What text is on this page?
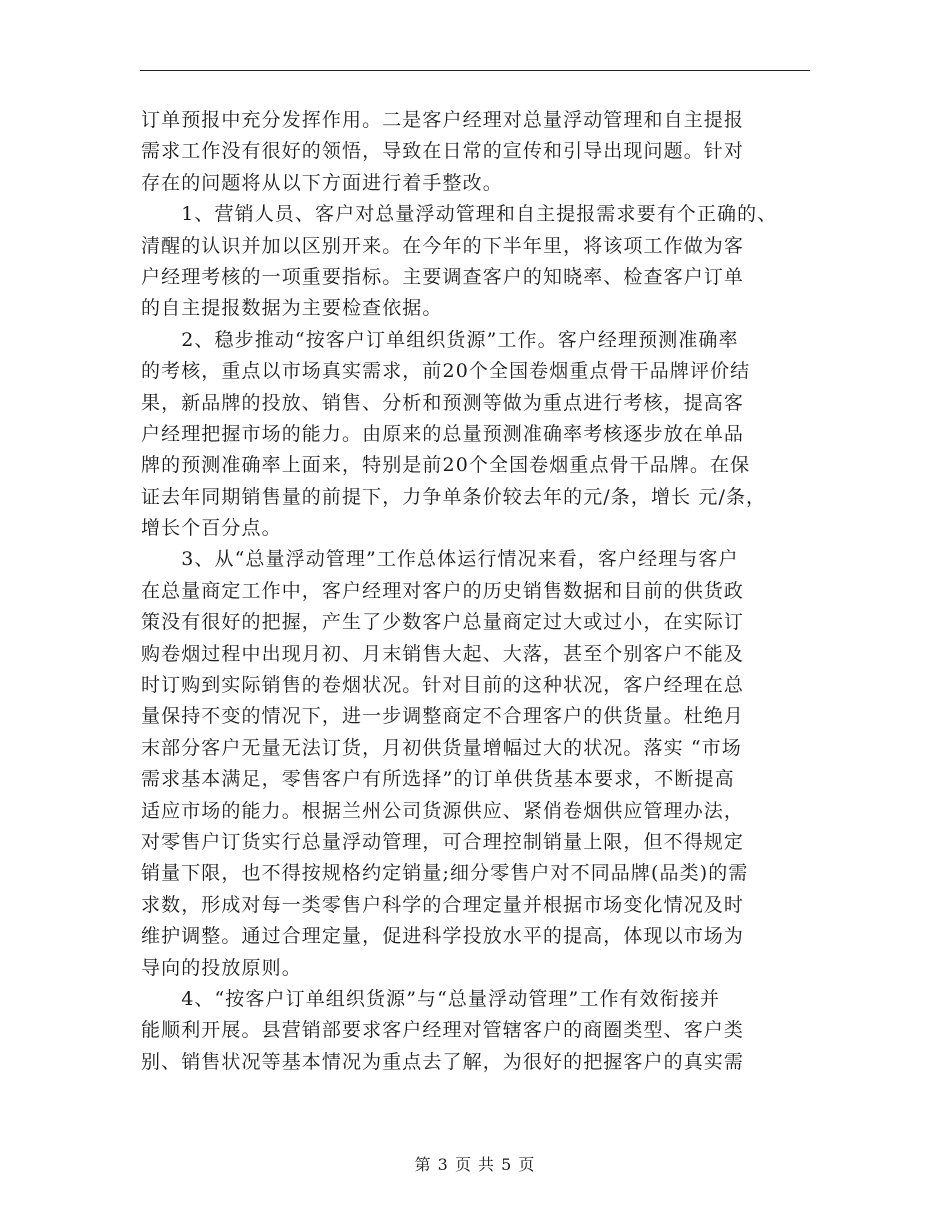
订单预报中充分发挥作用。二是客户经理对总量浮动管理和自主提报
需求工作没有很好的领悟，导致在日常的宣传和引导出现问题。针对
存在的问题将从以下方面进行着手整改。
　　1、营销人员、客户对总量浮动管理和自主提报需求要有个正确的、
清醒的认识并加以区别开来。在今年的下半年里，将该项工作做为客
户经理考核的一项重要指标。主要调查客户的知晓率、检查客户订单
的自主提报数据为主要检查依据。
　　2、稳步推动“按客户订单组织货源”工作。客户经理预测准确率
的考核，重点以市场真实需求，前20个全国卷烟重点骨干品牌评价结
果，新品牌的投放、销售、分析和预测等做为重点进行考核，提高客
户经理把握市场的能力。由原来的总量预测准确率考核逐步放在单品
牌的预测准确率上面来，特别是前20个全国卷烟重点骨干品牌。在保
证去年同期销售量的前提下，力争单条价较去年的元/条，增长 元/条，
增长个百分点。
　　3、从“总量浮动管理”工作总体运行情况来看，客户经理与客户
在总量商定工作中，客户经理对客户的历史销售数据和目前的供货政
策没有很好的把握，产生了少数客户总量商定过大或过小，在实际订
购卷烟过程中出现月初、月末销售大起、大落，甚至个别客户不能及
时订购到实际销售的卷烟状况。针对目前的这种状况，客户经理在总
量保持不变的情况下，进一步调整商定不合理客户的供货量。杜绝月
末部分客户无量无法订货，月初供货量增幅过大的状况。落实 “市场
需求基本满足，零售客户有所选择”的订单供货基本要求，不断提高
适应市场的能力。根据兰州公司货源供应、紧俏卷烟供应管理办法，
对零售户订货实行总量浮动管理，可合理控制销量上限，但不得规定
销量下限，也不得按规格约定销量;细分零售户对不同品牌(品类)的需
求数，形成对每一类零售户科学的合理定量并根据市场变化情况及时
维护调整。通过合理定量，促进科学投放水平的提高，体现以市场为
导向的投放原则。
　　4、“按客户订单组织货源”与“总量浮动管理”工作有效衔接并
能顺利开展。县营销部要求客户经理对管辖客户的商圈类型、客户类
别、销售状况等基本情况为重点去了解，为很好的把握客户的真实需
第 3 页 共 5 页
